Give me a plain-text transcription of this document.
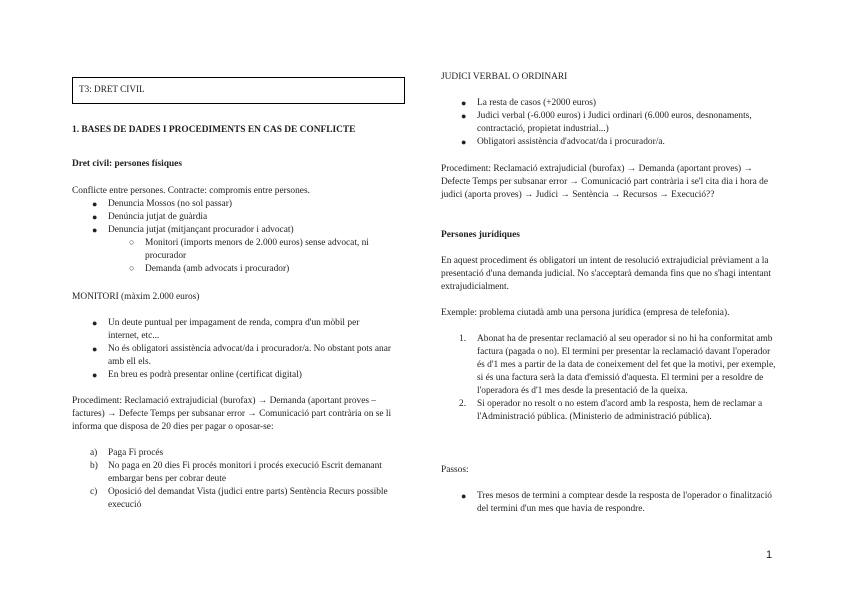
T3: DRET CIVIL

1. BASES DE DADES I PROCEDIMENTS EN CAS DE CONFLICTE

Dret civil: persones físiques

Conflicte entre persones. Contracte: compromis entre persones.

● Denuncia Mossos (no sol passar)
● Denúncia jutjat de guàrdia
● Denuncia jutjat (mitjançant procurador i advocat)
○ Monitori (imports menors de 2.000 euros) sense advocat, ni procurador
○ Demanda (amb advocats i procurador)

MONITORI (màxim 2.000 euros)

● Un deute puntual per impagament de renda, compra d'un mòbil per internet, etc...
● No és obligatori assistència advocat/da i procurador/a. No obstant pots anar amb ell els.
● En breu es podrà presentar online (certificat digital)

Procediment: Reclamació extrajudicial (burofax) → Demanda (aportant proves – factures) → Defecte Temps per subsanar error → Comunicació part contrària on se li informa que disposa de 20 dies per pagar o oposar-se:

a) Paga Fi procés
b) No paga en 20 dies Fi procés monitori i procés execució Escrit demanant embargar bens per cobrar deute
c) Oposició del demandat Vista (judici entre parts) Sentència Recurs possible execució

JUDICI VERBAL O ORDINARI

● La resta de casos (+2000 euros)
● Judici verbal (-6.000 euros) i Judici ordinari (6.000 euros, desnonaments, contractació, propietat industrial...)
● Obligatori assistència d'advocat/da i procurador/a.

Procediment: Reclamació extrajudicial (burofax) → Demanda (aportant proves) → Defecte Temps per subsanar error → Comunicació part contrària i se'l cita dia i hora de judici (aporta proves) → Judici → Sentència → Recursos → Execució??

Persones jurídiques

En aquest procediment és obligatori un intent de resolució extrajudicial prèviament a la presentació d'una demanda judicial. No s'acceptarà demanda fins que no s'hagi intentant extrajudicialment.

Exemple: problema ciutadà amb una persona jurídica (empresa de telefonia).

1. Abonat ha de presentar reclamació al seu operador si no hi ha conformitat amb factura (pagada o no). El termini per presentar la reclamació davant l'operador és d'1 mes a partir de la data de coneixement del fet que la motivi, per exemple, si és una factura serà la data d'emissió d'aquesta. El termini per a resoldre de l'operadora és d'1 mes desde la presentació de la queixa.
2. Si operador no resolt o no estem d'acord amb la resposta, hem de reclamar a l'Administració pública. (Ministerio de administració pública).

Passos:

● Tres mesos de termini a comptear desde la resposta de l'operador o finalització del termini d'un mes que havia de respondre.
1
